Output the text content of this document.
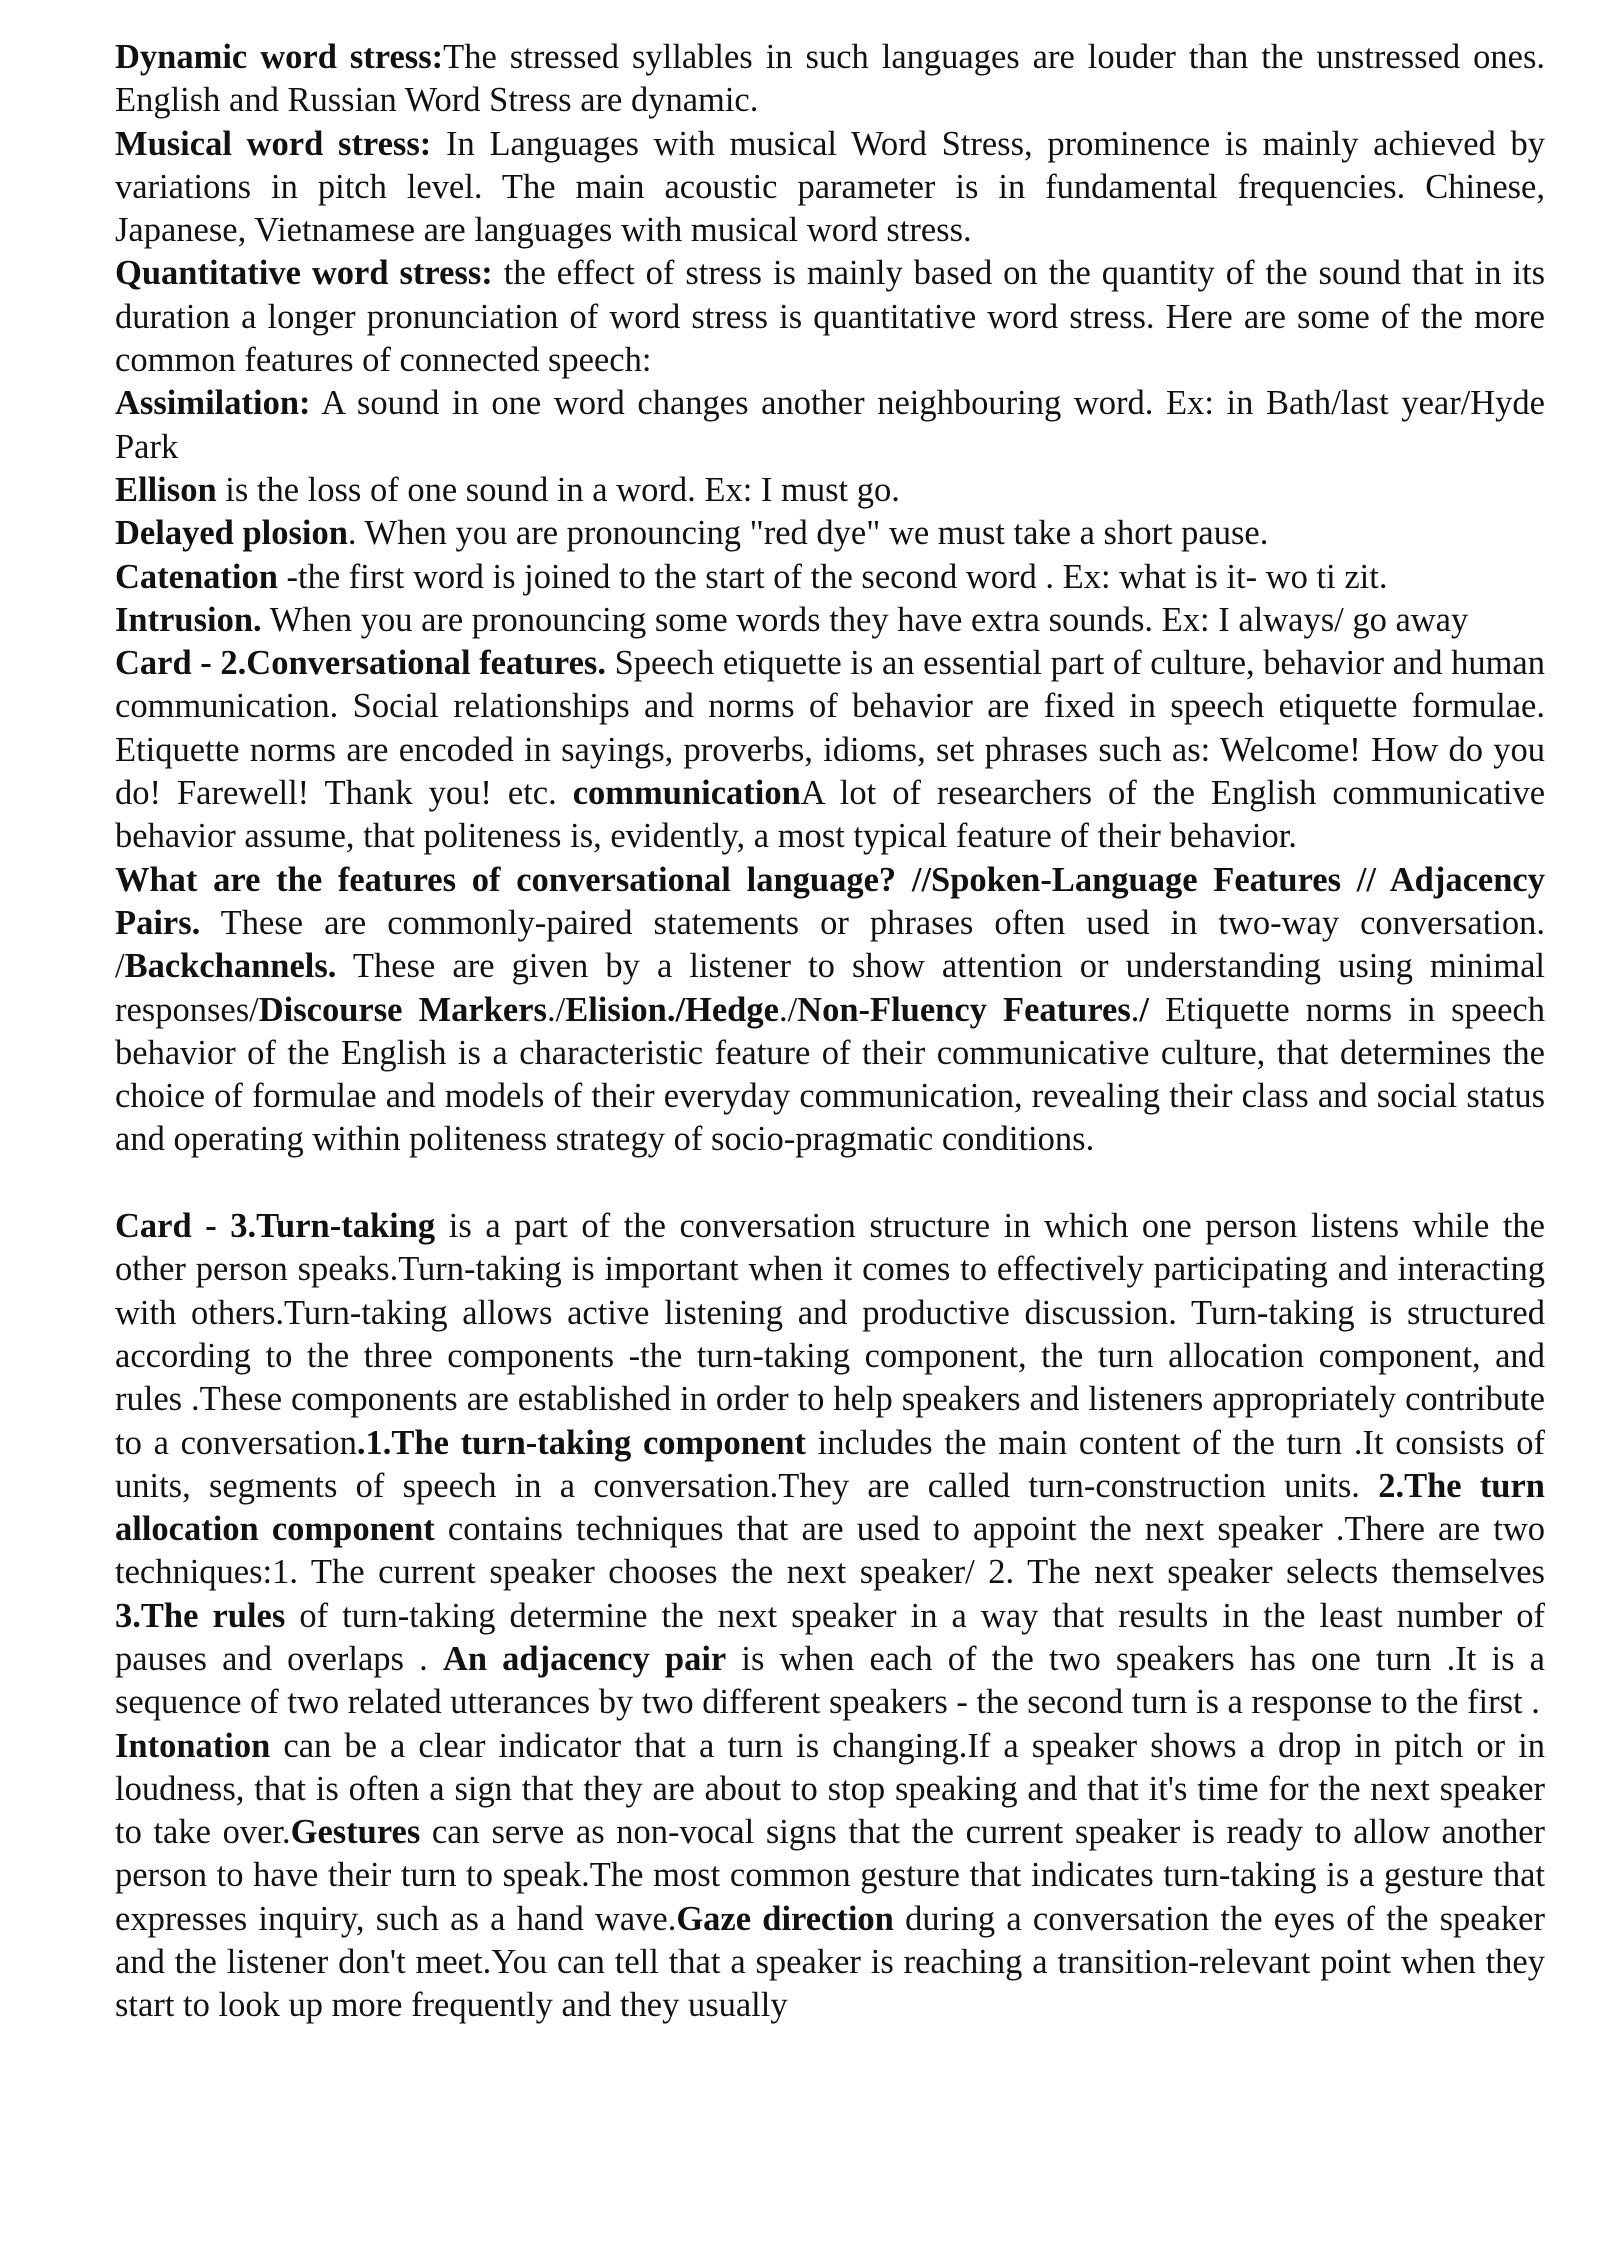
Dynamic word stress:The stressed syllables in such languages are louder than the unstressed ones. English and Russian Word Stress are dynamic.

Musical word stress: In Languages with musical Word Stress, prominence is mainly achieved by variations in pitch level. The main acoustic parameter is in fundamental frequencies. Chinese, Japanese, Vietnamese are languages with musical word stress.

Quantitative word stress: the effect of stress is mainly based on the quantity of the sound that in its duration a longer pronunciation of word stress is quantitative word stress. Here are some of the more common features of connected speech:

Assimilation: A sound in one word changes another neighbouring word. Ex: in Bath/last year/Hyde Park

Ellison is the loss of one sound in a word. Ex: I must go.

Delayed plosion. When you are pronouncing "red dye" we must take a short pause.

Catenation -the first word is joined to the start of the second word . Ex: what is it- wo ti zit.

Intrusion. When you are pronouncing some words they have extra sounds. Ex: I always/ go away

Card - 2.Conversational features. Speech etiquette is an essential part of culture, behavior and human communication. Social relationships and norms of behavior are fixed in speech etiquette formulae. Etiquette norms are encoded in sayings, proverbs, idioms, set phrases such as: Welcome! How do you do! Farewell! Thank you! etc. communicationA lot of researchers of the English communicative behavior assume, that politeness is, evidently, a most typical feature of their behavior.

What are the features of conversational language? //Spoken-Language Features // Adjacency Pairs. These are commonly-paired statements or phrases often used in two-way conversation. /Backchannels. These are given by a listener to show attention or understanding using minimal responses/Discourse Markers./Elision./Hedge./Non-Fluency Features./ Etiquette norms in speech behavior of the English is a characteristic feature of their communicative culture, that determines the choice of formulae and models of their everyday communication, revealing their class and social status and operating within politeness strategy of socio-pragmatic conditions.

Card - 3.Turn-taking is a part of the conversation structure in which one person listens while the other person speaks.Turn-taking is important when it comes to effectively participating and interacting with others.Turn-taking allows active listening and productive discussion. Turn-taking is structured according to the three components -the turn-taking component, the turn allocation component, and rules .These components are established in order to help speakers and listeners appropriately contribute to a conversation.1.The turn-taking component includes the main content of the turn .It consists of units, segments of speech in a conversation.They are called turn-construction units. 2.The turn allocation component contains techniques that are used to appoint the next speaker .There are two techniques:1. The current speaker chooses the next speaker/ 2. The next speaker selects themselves 3.The rules of turn-taking determine the next speaker in a way that results in the least number of pauses and overlaps . An adjacency pair is when each of the two speakers has one turn .It is a sequence of two related utterances by two different speakers - the second turn is a response to the first .

Intonation can be a clear indicator that a turn is changing.If a speaker shows a drop in pitch or in loudness, that is often a sign that they are about to stop speaking and that it's time for the next speaker to take over.Gestures can serve as non-vocal signs that the current speaker is ready to allow another person to have their turn to speak.The most common gesture that indicates turn-taking is a gesture that expresses inquiry, such as a hand wave.Gaze direction during a conversation the eyes of the speaker and the listener don't meet.You can tell that a speaker is reaching a transition-relevant point when they start to look up more frequently and they usually
